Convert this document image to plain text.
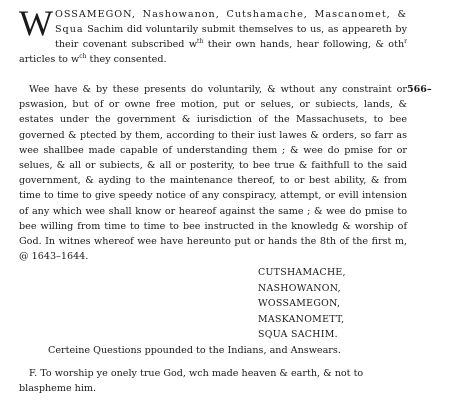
WOSSAMEGON, Nashowanon, Cutshamache, Mascanomet, & Squa Sachim did voluntarily submit themselves to us, as appeareth by their covenant subscribed $w^{th}$ their own hands, hear following, & oth$^r$ articles to $w^{ch}$ they consented.
566–

Wee have & by these presents do voluntarily, & wthout any constraint or pswasion, but of or owne free motion, put or selues, or subiects, lands, & estates under the government & iurisdiction of the Massachusets, to bee governed & ptected by them, according to their iust lawes & orders, so farr as wee shallbee made capable of understanding them ; & wee do pmise for or selues, & all or subiects, & all or posterity, to bee true & faithfull to the said government, & ayding to the maintenance thereof, to or best ability, & from time to time to give speedy notice of any conspiracy, attempt, or evill intension of any which wee shall know or heareof against the same ; & wee do pmise to bee willing from time to time to bee instructed in the knowledg & worship of God. In witnes whereof wee have hereunto put or hands the 8th of the first m, @ 1643–1644.

CUTSHAMACHE,
NASHOWANON,
WOSSAMEGON,
MASKANOMETT,
SQUA SACHIM.
Certeine Questions ppounded to the Indians, and Answears.
F. To worship ye onely true God, wch made heaven & earth, & not to blaspheme him.
